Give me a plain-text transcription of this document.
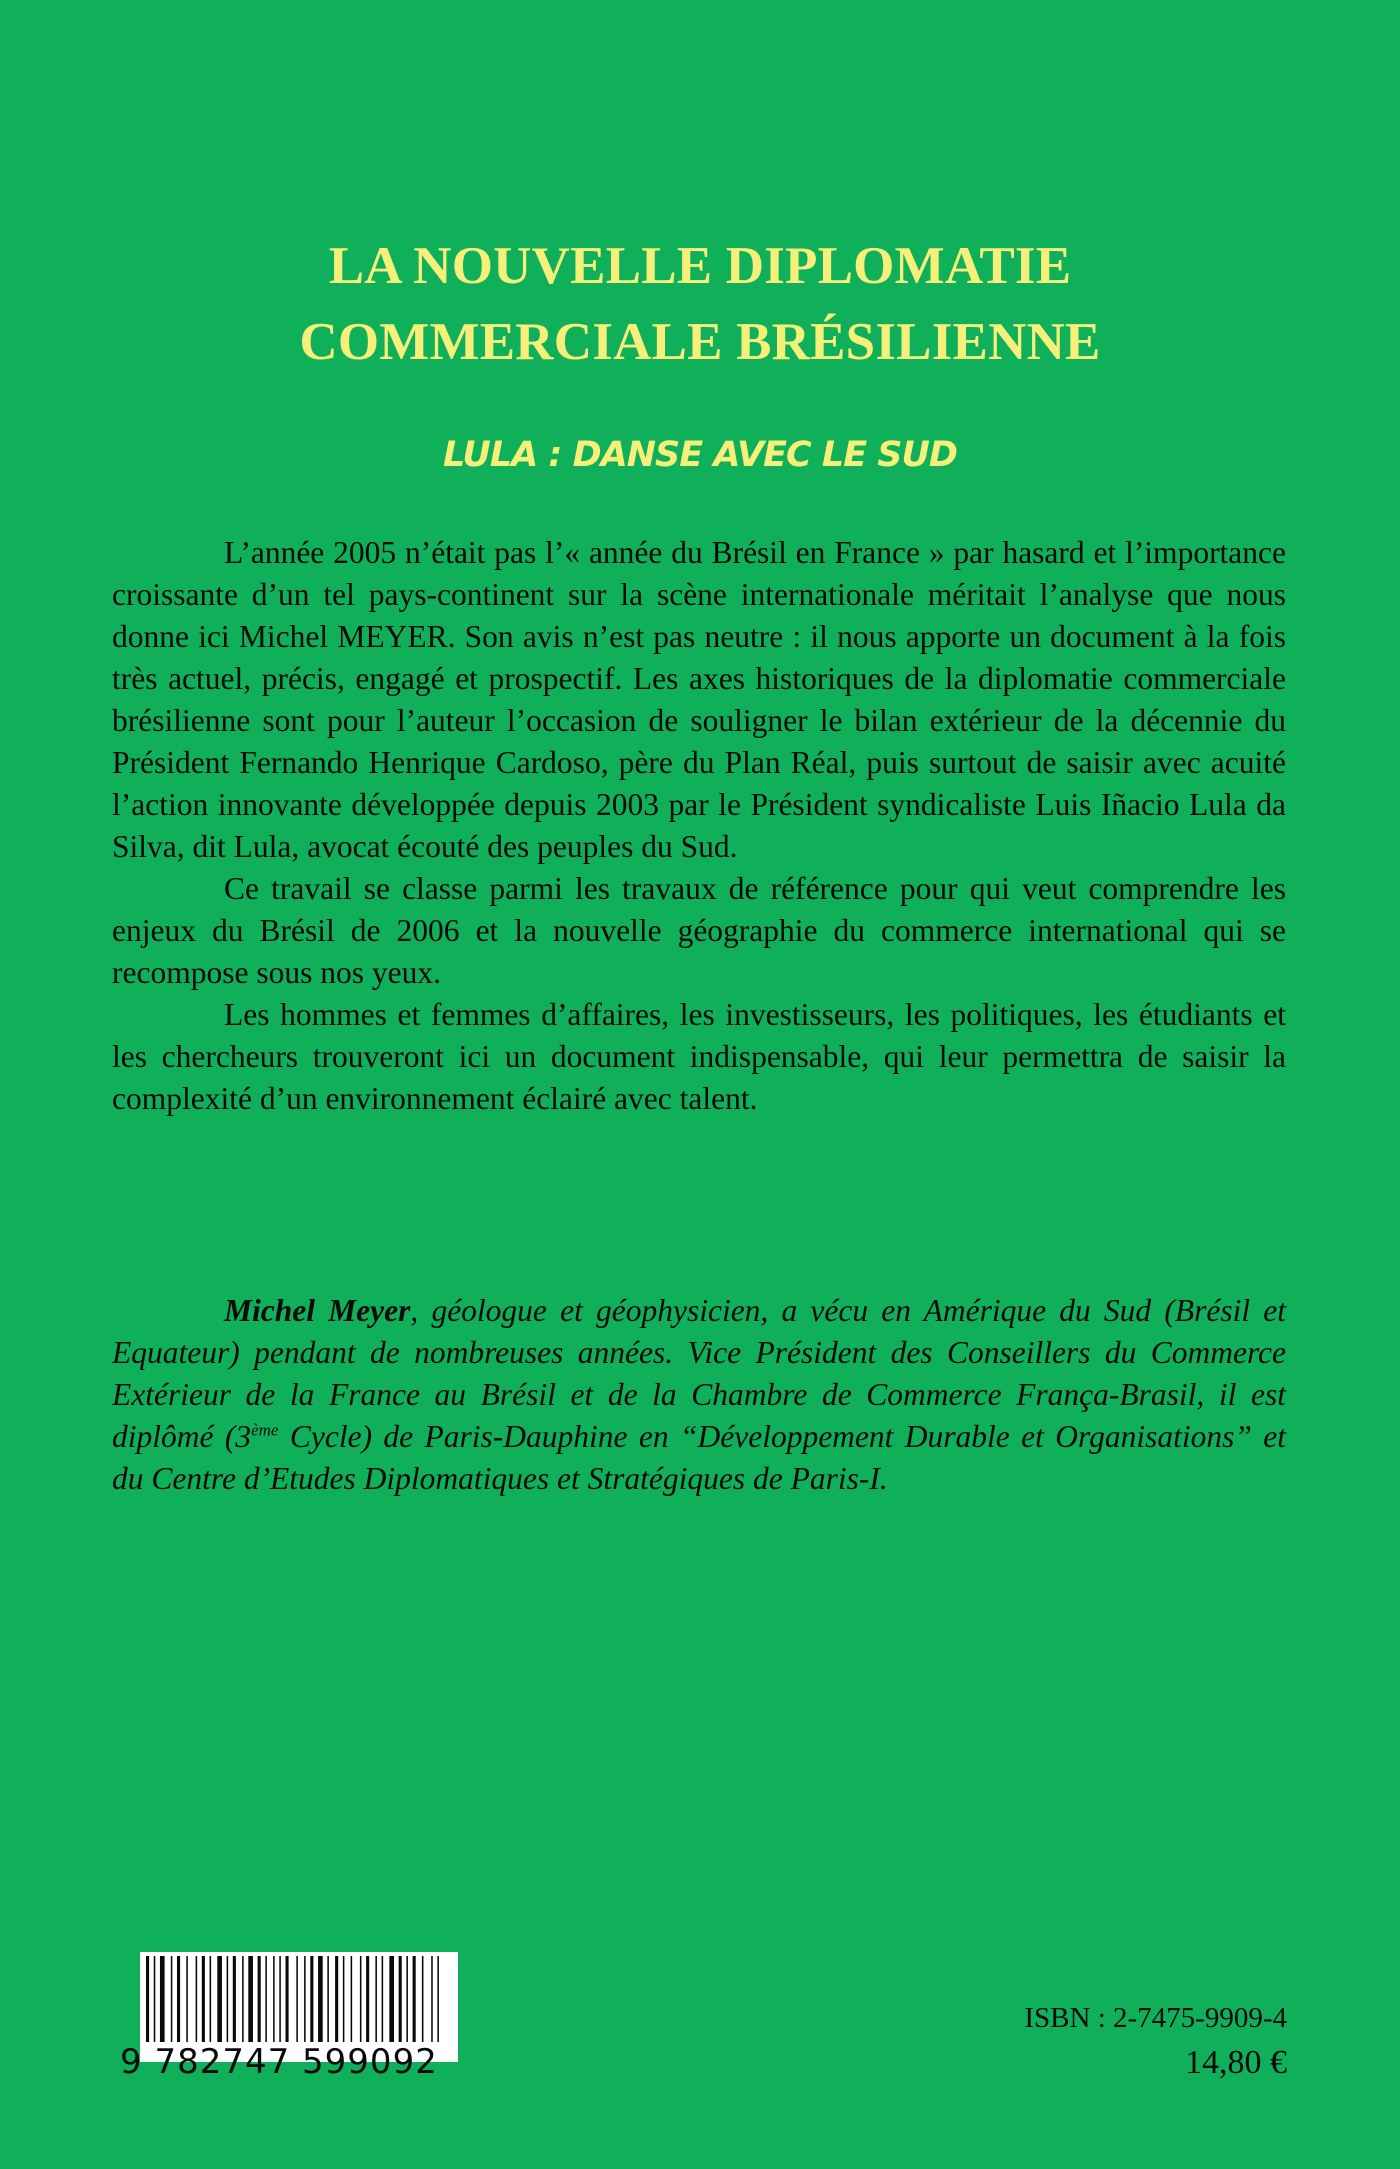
LA NOUVELLE DIPLOMATIE
COMMERCIALE BRÉSILIENNE
LULA : DANSE AVEC LE SUD

L’année 2005 n’était pas l’« année du Brésil en France » par hasard et l’importance croissante d’un tel pays-continent sur la scène internationale méritait l’analyse que nous donne ici Michel MEYER. Son avis n’est pas neutre : il nous apporte un document à la fois très actuel, précis, engagé et prospectif. Les axes historiques de la diplomatie commerciale brésilienne sont pour l’auteur l’occasion de souligner le bilan extérieur de la décennie du Président Fernando Henrique Cardoso, père du Plan Réal, puis surtout de saisir avec acuité l’action innovante développée depuis 2003 par le Président syndicaliste Luis Iñacio Lula da Silva, dit Lula, avocat écouté des peuples du Sud.

Ce travail se classe parmi les travaux de référence pour qui veut comprendre les enjeux du Brésil de 2006 et la nouvelle géographie du commerce international qui se recompose sous nos yeux.

Les hommes et femmes d’affaires, les investisseurs, les politiques, les étudiants et les chercheurs trouveront ici un document indispensable, qui leur permettra de saisir la complexité d’un environnement éclairé avec talent.

Michel Meyer, géologue et géophysicien, a vécu en Amérique du Sud (Brésil et Equateur) pendant de nombreuses années. Vice Président des Conseillers du Commerce Extérieur de la France au Brésil et de la Chambre de Commerce França-Brasil, il est diplômé (3ème Cycle) de Paris-Dauphine en “Développement Durable et Organisations” et du Centre d’Etudes Diplomatiques et Stratégiques de Paris-I.

9 782747 599092
ISBN : 2-7475-9909-4
14,80 €
